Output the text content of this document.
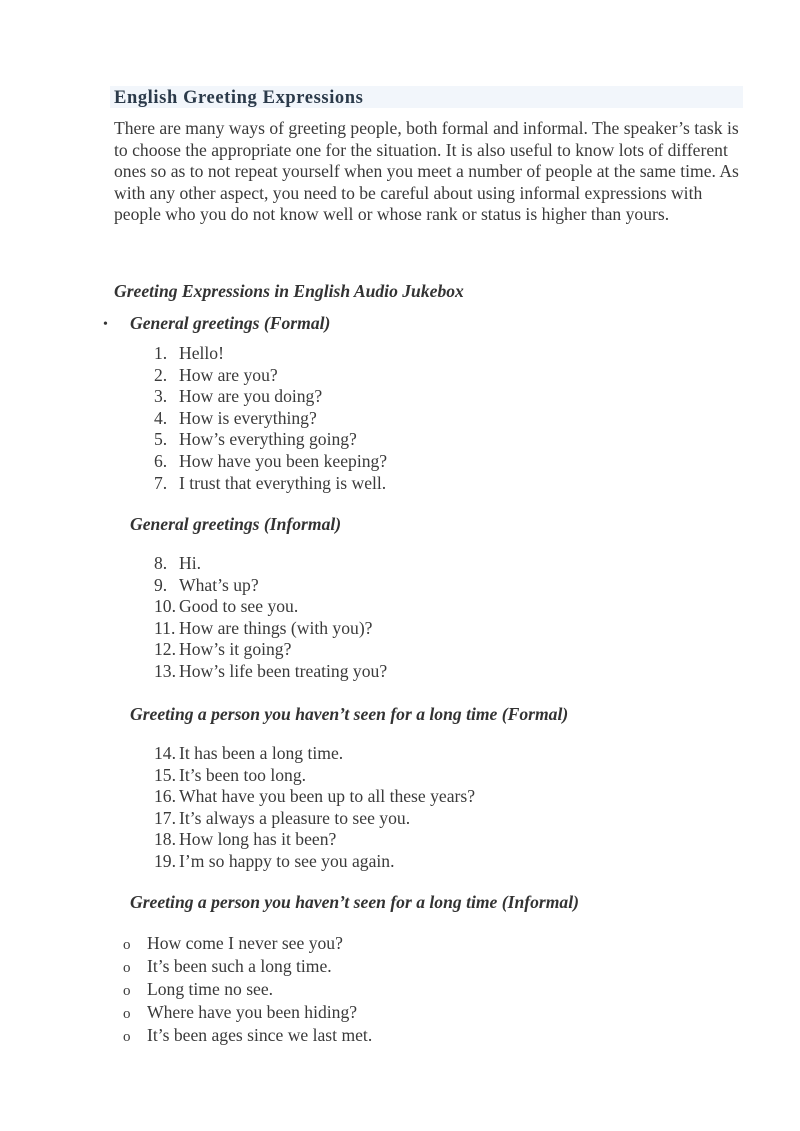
English Greeting Expressions

There are many ways of greeting people, both formal and informal. The speaker’s task is to choose the appropriate one for the situation. It is also useful to know lots of different ones so as to not repeat yourself when you meet a number of people at the same time. As with any other aspect, you need to be careful about using informal expressions with people who you do not know well or whose rank or status is higher than yours.

Greeting Expressions in English Audio Jukebox
• General greetings (Formal)
1. Hello!
2. How are you?
3. How are you doing?
4. How is everything?
5. How’s everything going?
6. How have you been keeping?
7. I trust that everything is well.
General greetings (Informal)
8. Hi.
9. What’s up?
10. Good to see you.
11. How are things (with you)?
12. How’s it going?
13. How’s life been treating you?
Greeting a person you haven’t seen for a long time (Formal)
14. It has been a long time.
15. It’s been too long.
16. What have you been up to all these years?
17. It’s always a pleasure to see you.
18. How long has it been?
19. I’m so happy to see you again.
Greeting a person you haven’t seen for a long time (Informal)
o How come I never see you?
o It’s been such a long time.
o Long time no see.
o Where have you been hiding?
o It’s been ages since we last met.
